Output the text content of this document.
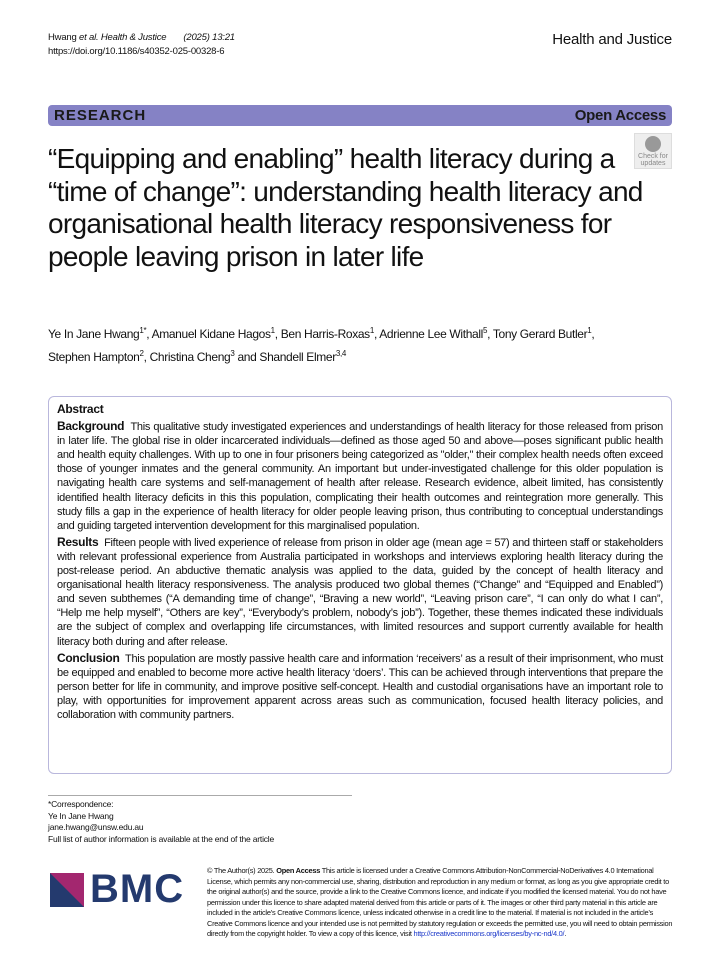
Hwang et al. Health & Justice (2025) 13:21
https://doi.org/10.1186/s40352-025-00328-6
Health and Justice
RESEARCH	Open Access
Check for
updates
“Equipping and enabling” health literacy during a “time of change”: understanding health literacy and organisational health literacy responsiveness for people leaving prison in later life
Ye In Jane Hwang$^{1*}$, Amanuel Kidane Hagos$^1$, Ben Harris-Roxas$^1$, Adrienne Lee Withall$^5$, Tony Gerard Butler$^1$,
Stephen Hampton$^2$, Christina Cheng$^3$ and Shandell Elmer$^{3,4}$
Abstract

Background This qualitative study investigated experiences and understandings of health literacy for those released from prison in later life. The global rise in older incarcerated individuals—defined as those aged 50 and above—poses significant public health and health equity challenges. With up to one in four prisoners being categorized as "older," their complex health needs often exceed those of younger inmates and the general community. An important but under-investigated challenge for this older population is navigating health care systems and self-management of health after release. Research evidence, albeit limited, has consistently identified health literacy deficits in this this population, complicating their health outcomes and reintegration more generally. This study fills a gap in the experience of health literacy for older people leaving prison, thus contributing to conceptual understandings and guiding targeted intervention development for this marginalised population.

Results Fifteen people with lived experience of release from prison in older age (mean age = 57) and thirteen staff or stakeholders with relevant professional experience from Australia participated in workshops and interviews exploring health literacy during the post-release period. An abductive thematic analysis was applied to the data, guided by the concept of health literacy and organisational health literacy responsiveness. The analysis produced two global themes (“Change” and “Equipped and Enabled”) and seven subthemes (“A demanding time of change”, “Braving a new world”, “Leaving prison care”, “I can only do what I can”, “Help me help myself”, “Others are key”, “Everybody’s problem, nobody’s job”). Together, these themes indicated these individuals are the subject of complex and overlapping life circumstances, with limited resources and support currently available for health literacy both during and after release.

Conclusion This population are mostly passive health care and information ‘receivers’ as a result of their imprisonment, who must be equipped and enabled to become more active health literacy ‘doers’. This can be achieved through interventions that prepare the person better for life in community, and improve positive self-concept. Health and custodial organisations have an important role to play, with opportunities for improvement apparent across areas such as communication, focused health literacy policies, and collaboration with community partners.

*Correspondence:
Ye In Jane Hwang
jane.hwang@unsw.edu.au
Full list of author information is available at the end of the article
BMC	© The Author(s) 2025. Open Access This article is licensed under a Creative Commons Attribution-NonCommercial-NoDerivatives 4.0 International License, which permits any non-commercial use, sharing, distribution and reproduction in any medium or format, as long as you give appropriate credit to the original author(s) and the source, provide a link to the Creative Commons licence, and indicate if you modified the licensed material. You do not have permission under this licence to share adapted material derived from this article or parts of it. The images or other third party material in this article are included in the article’s Creative Commons licence, unless indicated otherwise in a credit line to the material. If material is not included in the article’s Creative Commons licence and your intended use is not permitted by statutory regulation or exceeds the permitted use, you will need to obtain permission directly from the copyright holder. To view a copy of this licence, visit http://creativecommons.org/licenses/by-nc-nd/4.0/.
